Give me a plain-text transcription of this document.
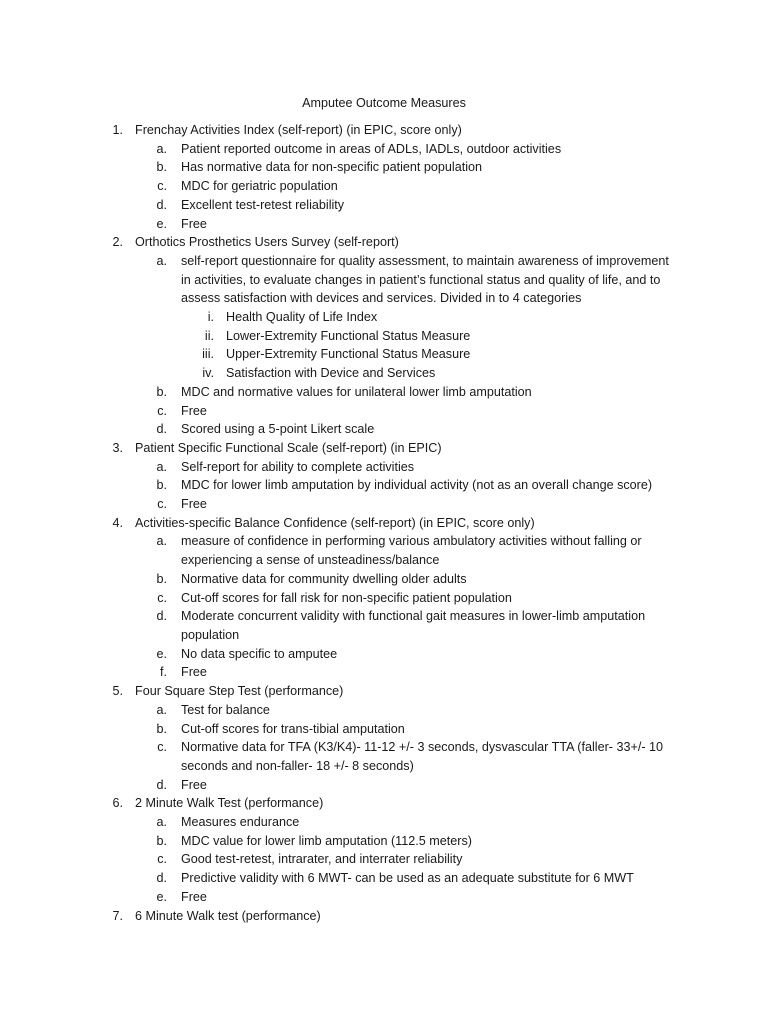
Amputee Outcome Measures
1. Frenchay Activities Index (self-report) (in EPIC, score only)
a. Patient reported outcome in areas of ADLs, IADLs, outdoor activities
b. Has normative data for non-specific patient population
c. MDC for geriatric population
d. Excellent test-retest reliability
e. Free
2. Orthotics Prosthetics Users Survey (self-report)
a. self-report questionnaire for quality assessment, to maintain awareness of improvement in activities, to evaluate changes in patient’s functional status and quality of life, and to assess satisfaction with devices and services. Divided in to 4 categories
i. Health Quality of Life Index
ii. Lower-Extremity Functional Status Measure
iii. Upper-Extremity Functional Status Measure
iv. Satisfaction with Device and Services
b. MDC and normative values for unilateral lower limb amputation
c. Free
d. Scored using a 5-point Likert scale
3. Patient Specific Functional Scale (self-report) (in EPIC)
a. Self-report for ability to complete activities
b. MDC for lower limb amputation by individual activity (not as an overall change score)
c. Free
4. Activities-specific Balance Confidence (self-report) (in EPIC, score only)
a. measure of confidence in performing various ambulatory activities without falling or experiencing a sense of unsteadiness/balance
b. Normative data for community dwelling older adults
c. Cut-off scores for fall risk for non-specific patient population
d. Moderate concurrent validity with functional gait measures in lower-limb amputation population
e. No data specific to amputee
f. Free
5. Four Square Step Test (performance)
a. Test for balance
b. Cut-off scores for trans-tibial amputation
c. Normative data for TFA (K3/K4)- 11-12 +/- 3 seconds, dysvascular TTA (faller- 33+/- 10 seconds and non-faller- 18 +/- 8 seconds)
d. Free
6. 2 Minute Walk Test (performance)
a. Measures endurance
b. MDC value for lower limb amputation (112.5 meters)
c. Good test-retest, intrarater, and interrater reliability
d. Predictive validity with 6 MWT- can be used as an adequate substitute for 6 MWT
e. Free
7. 6 Minute Walk test (performance)
